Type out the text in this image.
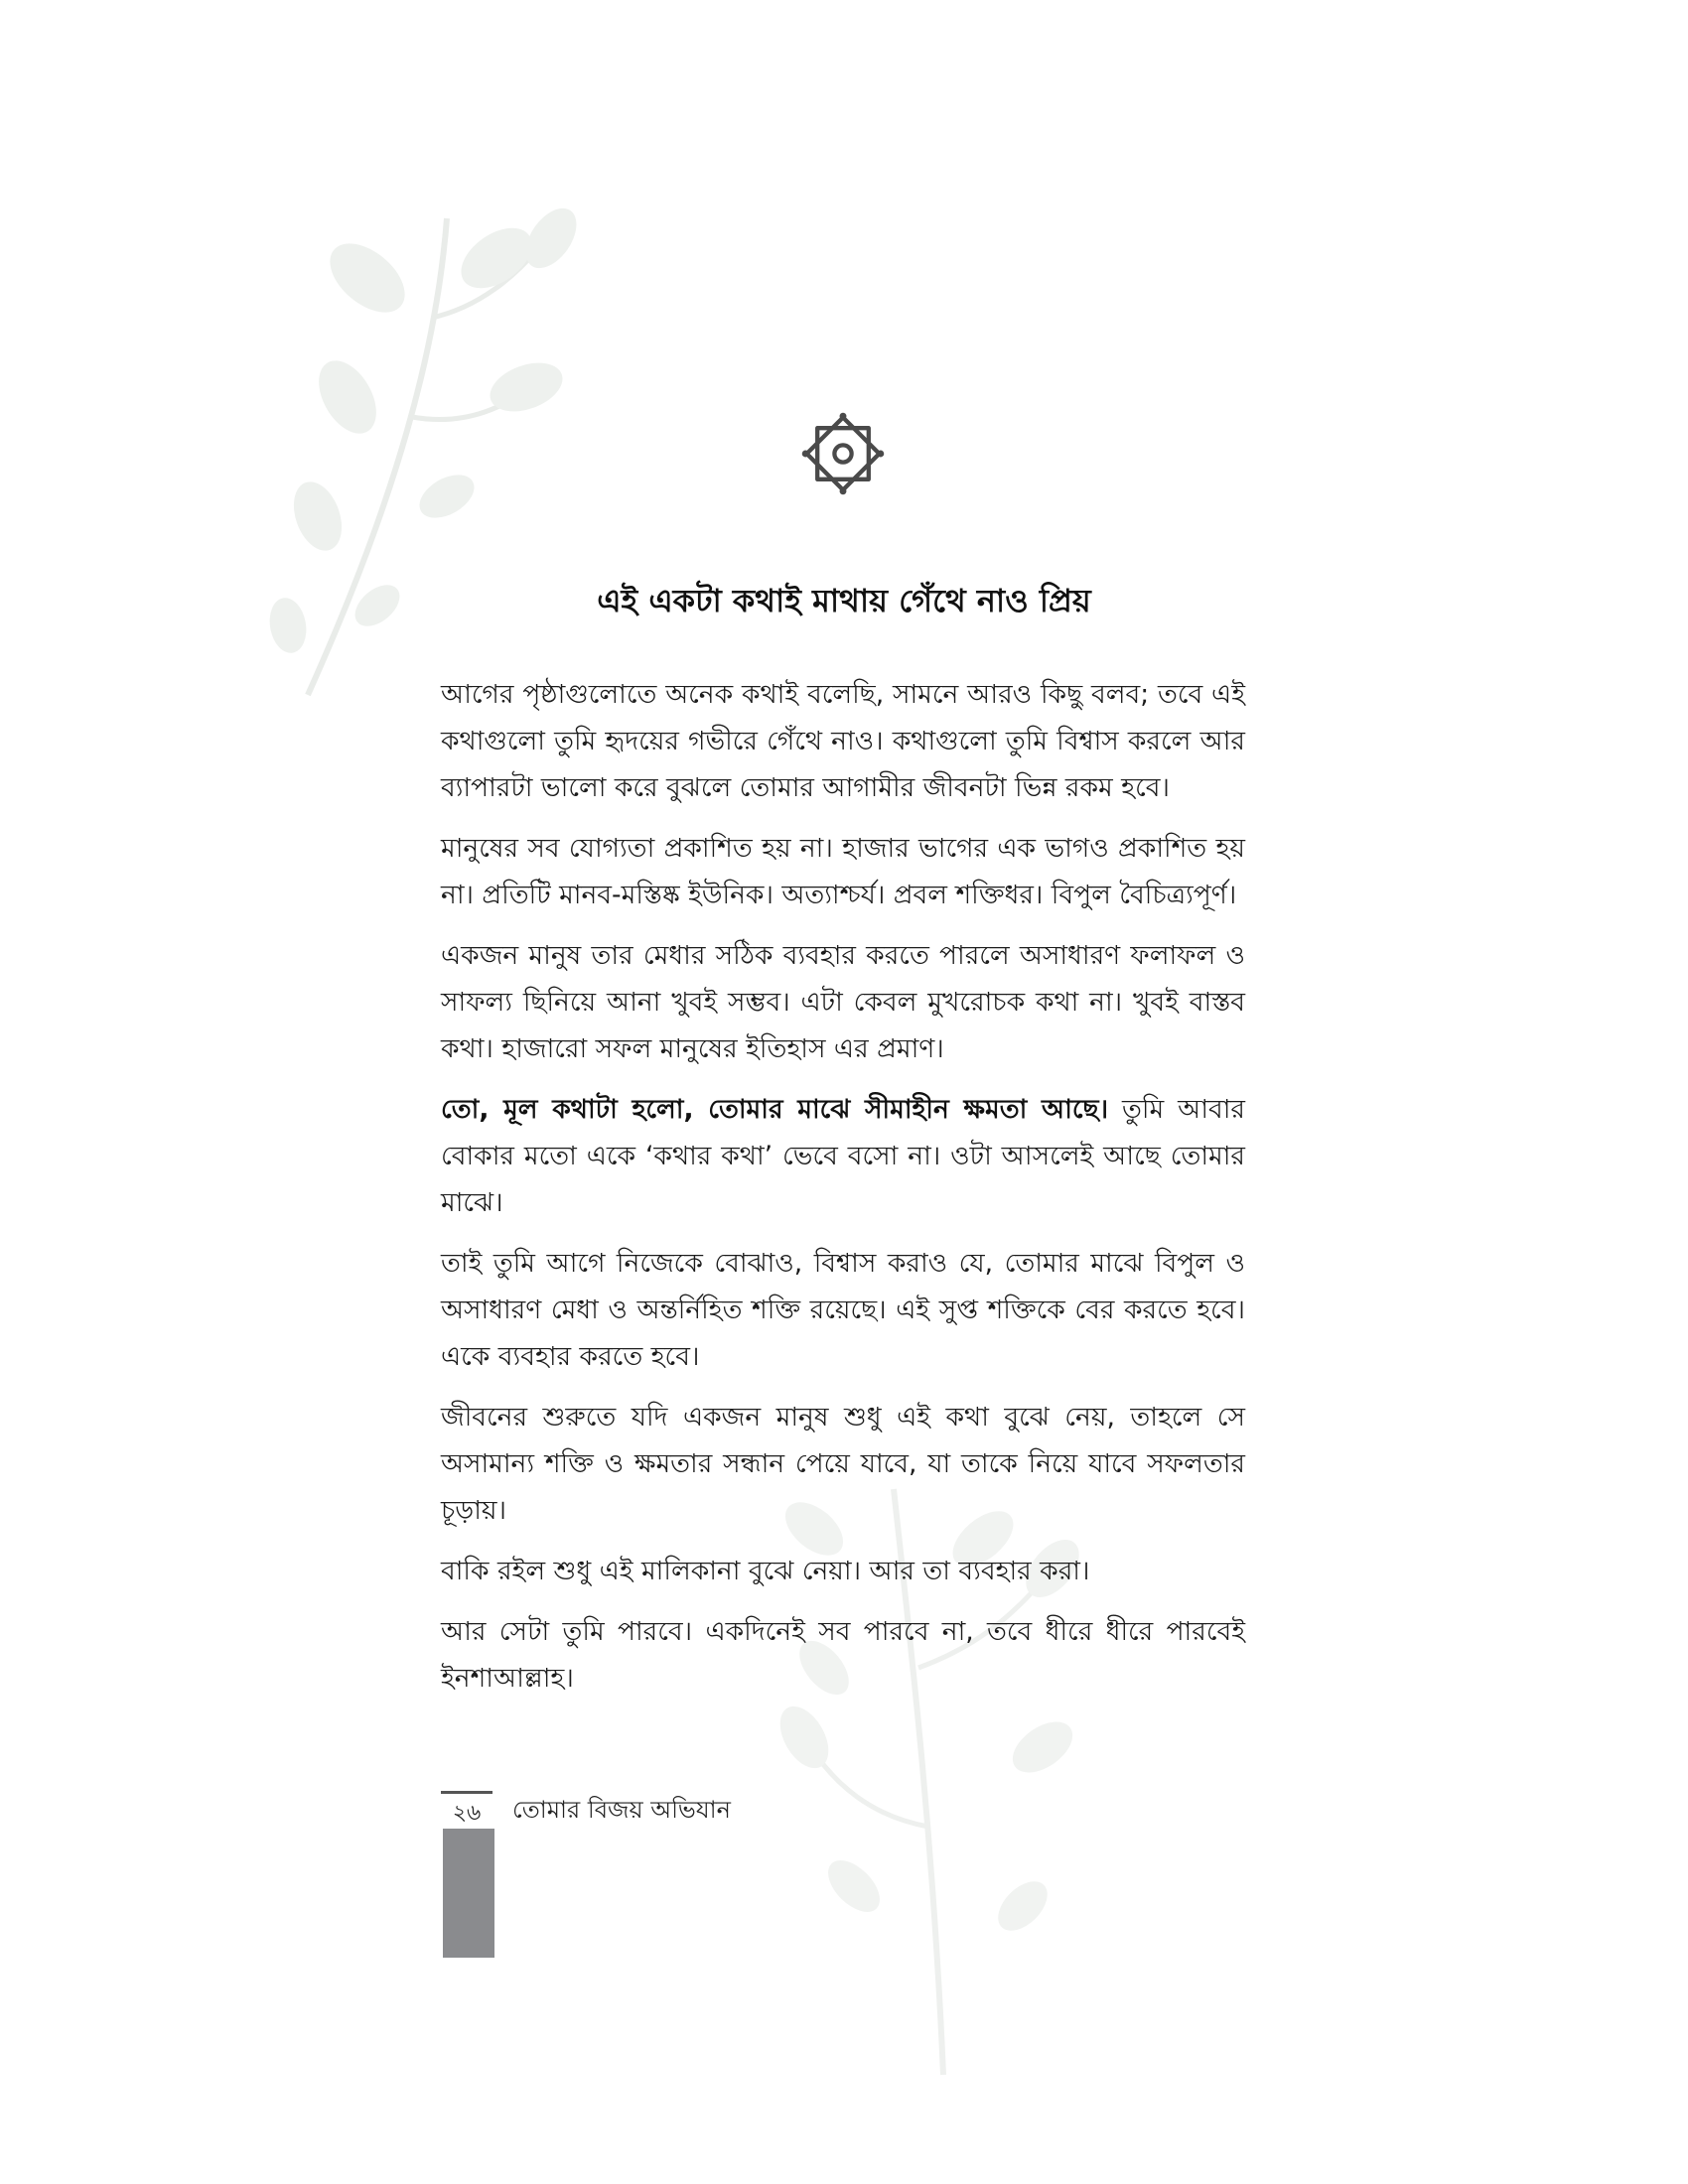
এই একটা কথাই মাথায় গেঁথে নাও প্রিয়

আগের পৃষ্ঠাগুলোতে অনেক কথাই বলেছি, সামনে আরও কিছু বলব; তবে এই কথাগুলো তুমি হৃদয়ের গভীরে গেঁথে নাও। কথাগুলো তুমি বিশ্বাস করলে আর ব্যাপারটা ভালো করে বুঝলে তোমার আগামীর জীবনটা ভিন্ন রকম হবে।

মানুষের সব যোগ্যতা প্রকাশিত হয় না। হাজার ভাগের এক ভাগও প্রকাশিত হয় না। প্রতিটি মানব-মস্তিষ্ক ইউনিক। অত্যাশ্চর্য। প্রবল শক্তিধর। বিপুল বৈচিত্র্যপূর্ণ।

একজন মানুষ তার মেধার সঠিক ব্যবহার করতে পারলে অসাধারণ ফলাফল ও সাফল্য ছিনিয়ে আনা খুবই সম্ভব। এটা কেবল মুখরোচক কথা না। খুবই বাস্তব কথা। হাজারো সফল মানুষের ইতিহাস এর প্রমাণ।

তো, মূল কথাটা হলো, তোমার মাঝে সীমাহীন ক্ষমতা আছে। তুমি আবার বোকার মতো একে ‘কথার কথা’ ভেবে বসো না। ওটা আসলেই আছে তোমার মাঝে।

তাই তুমি আগে নিজেকে বোঝাও, বিশ্বাস করাও যে, তোমার মাঝে বিপুল ও অসাধারণ মেধা ও অন্তর্নিহিত শক্তি রয়েছে। এই সুপ্ত শক্তিকে বের করতে হবে। একে ব্যবহার করতে হবে।

জীবনের শুরুতে যদি একজন মানুষ শুধু এই কথা বুঝে নেয়, তাহলে সে অসামান্য শক্তি ও ক্ষমতার সন্ধান পেয়ে যাবে, যা তাকে নিয়ে যাবে সফলতার চূড়ায়।

বাকি রইল শুধু এই মালিকানা বুঝে নেয়া। আর তা ব্যবহার করা।

আর সেটা তুমি পারবে। একদিনেই সব পারবে না, তবে ধীরে ধীরে পারবেই ইনশাআল্লাহ।

২৬	তোমার বিজয় অভিযান
